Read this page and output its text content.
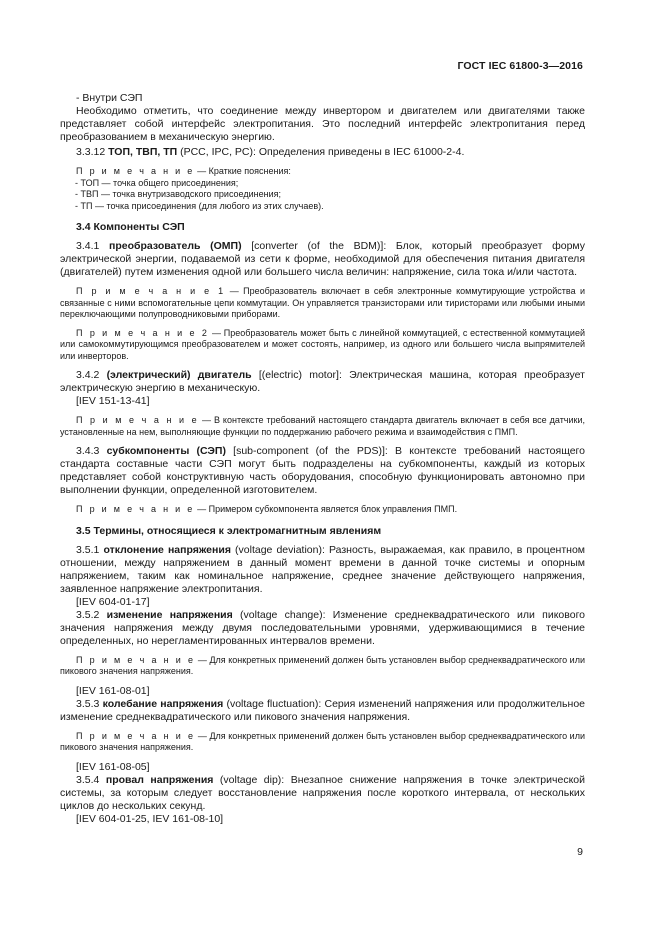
ГОСТ IEC 61800-3—2016

- Внутри СЭП

Необходимо отметить, что соединение между инвертором и двигателем или двигателями также представляет собой интерфейс электропитания. Это последний интерфейс электропитания перед преобразованием в механическую энергию.

3.3.12 ТОП, ТВП, ТП (PCC, IPC, PC): Определения приведены в IEC 61000-2-4.

П р и м е ч а н и е — Краткие пояснения:

- ТОП — точка общего присоединения;
- ТВП — точка внутризаводского присоединения;
- ТП — точка присоединения (для любого из этих случаев).

3.4 Компоненты СЭП

3.4.1 преобразователь (ОМП) [converter (of the BDM)]: Блок, который преобразует форму электрической энергии, подаваемой из сети к форме, необходимой для обеспечения питания двигателя (двигателей) путем изменения одной или большего числа величин: напряжение, сила тока и/или частота.

П р и м е ч а н и е 1 — Преобразователь включает в себя электронные коммутирующие устройства и связанные с ними вспомогательные цепи коммутации. Он управляется транзисторами или тиристорами или любыми иными переключающими полупроводниковыми приборами.

П р и м е ч а н и е 2 — Преобразователь может быть с линейной коммутацией, с естественной коммутацией или самокоммутирующимся преобразователем и может состоять, например, из одного или большего числа выпрямителей или инверторов.

3.4.2 (электрический) двигатель [(electric) motor]: Электрическая машина, которая преобразует электрическую энергию в механическую.

[IEV 151-13-41]

П р и м е ч а н и е — В контексте требований настоящего стандарта двигатель включает в себя все датчики, установленные на нем, выполняющие функции по поддержанию рабочего режима и взаимодействия с ПМП.

3.4.3 субкомпоненты (СЭП) [sub-component (of the PDS)]: В контексте требований настоящего стандарта составные части СЭП могут быть подразделены на субкомпоненты, каждый из которых представляет собой конструктивную часть оборудования, способную функционировать автономно при выполнении функции, определенной изготовителем.

П р и м е ч а н и е — Примером субкомпонента является блок управления ПМП.

3.5 Термины, относящиеся к электромагнитным явлениям

3.5.1 отклонение напряжения (voltage deviation): Разность, выражаемая, как правило, в процентном отношении, между напряжением в данный момент времени в данной точке системы и опорным напряжением, таким как номинальное напряжение, среднее значение действующего напряжения, заявленное напряжение электропитания.

[IEV 604-01-17]

3.5.2 изменение напряжения (voltage change): Изменение среднеквадратического или пикового значения напряжения между двумя последовательными уровнями, удерживающимися в течение определенных, но нерегламентированных интервалов времени.

П р и м е ч а н и е — Для конкретных применений должен быть установлен выбор среднеквадратического или пикового значения напряжения.

[IEV 161-08-01]

3.5.3 колебание напряжения (voltage fluctuation): Серия изменений напряжения или продолжительное изменение среднеквадратического или пикового значения напряжения.

П р и м е ч а н и е — Для конкретных применений должен быть установлен выбор среднеквадратического или пикового значения напряжения.

[IEV 161-08-05]

3.5.4 провал напряжения (voltage dip): Внезапное снижение напряжения в точке электрической системы, за которым следует восстановление напряжения после короткого интервала, от нескольких циклов до нескольких секунд.

[IEV 604-01-25, IEV 161-08-10]

9
